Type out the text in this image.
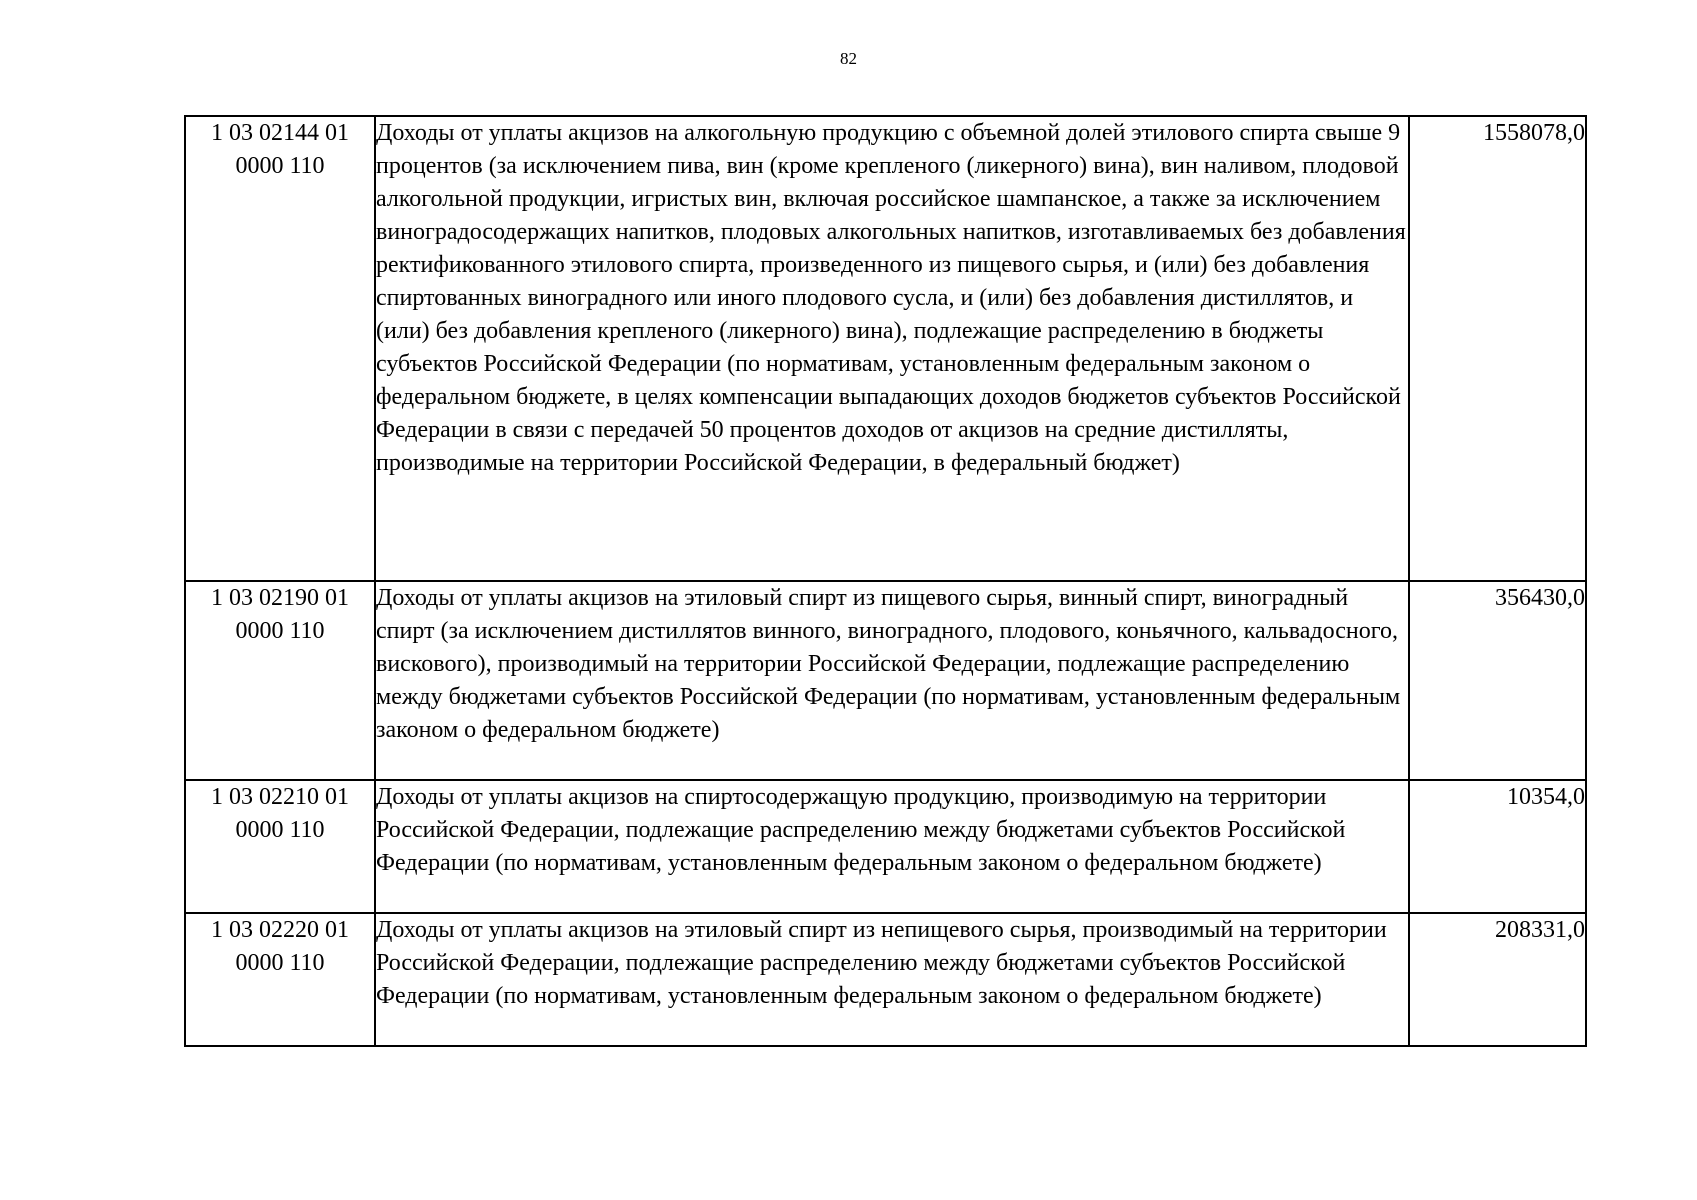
82
1 03 02144 01
0000 110	Доходы от уплаты акцизов на алкогольную продукцию с объемной долей этилового спирта свыше 9 процентов (за исключением пива, вин (кроме крепленого (ликерного) вина), вин наливом, плодовой алкогольной продукции, игристых вин, включая российское шампанское, а также за исключением виноградосодержащих напитков, плодовых алкогольных напитков, изготавливаемых без добавления ректификованного этилового спирта, произведенного из пищевого сырья, и (или) без добавления спиртованных виноградного или иного плодового сусла, и (или) без добавления дистиллятов, и (или) без добавления крепленого (ликерного) вина), подлежащие распределению в бюджеты субъектов Российской Федерации (по нормативам, установленным федеральным законом о федеральном бюджете, в целях компенсации выпадающих доходов бюджетов субъектов Российской Федерации в связи с передачей 50 процентов доходов от акцизов на средние дистилляты, производимые на территории Российской Федерации, в федеральный бюджет)	1558078,0

1 03 02190 01
0000 110	Доходы от уплаты акцизов на этиловый спирт из пищевого сырья, винный спирт, виноградный спирт (за исключением дистиллятов винного, виноградного, плодового, коньячного, кальвадосного, вискового), производимый на территории Российской Федерации, подлежащие распределению между бюджетами субъектов Российской Федерации (по нормативам, установленным федеральным законом о федеральном бюджете)	356430,0

1 03 02210 01
0000 110	Доходы от уплаты акцизов на спиртосодержащую продукцию, производимую на территории Российской Федерации, подлежащие распределению между бюджетами субъектов Российской Федерации (по нормативам, установленным федеральным законом о федеральном бюджете)	10354,0

1 03 02220 01
0000 110	Доходы от уплаты акцизов на этиловый спирт из непищевого сырья, производимый на территории Российской Федерации, подлежащие распределению между бюджетами субъектов Российской Федерации (по нормативам, установленным федеральным законом о федеральном бюджете)	208331,0
